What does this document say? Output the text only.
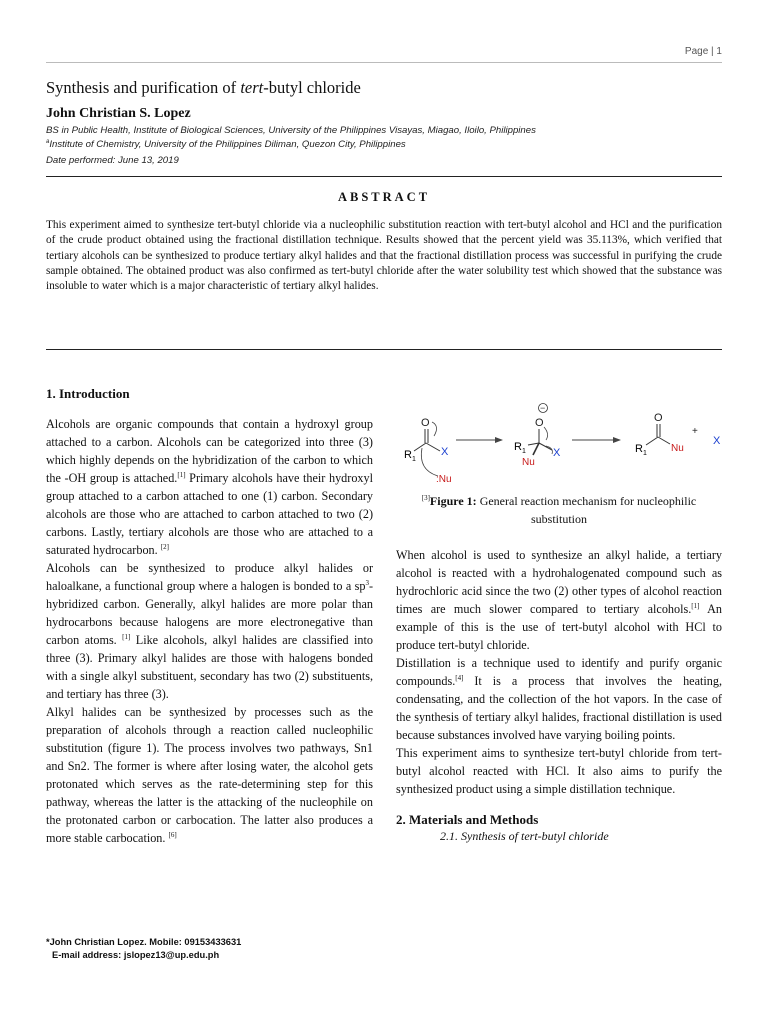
Page | 1
Synthesis and purification of tert-butyl chloride
John Christian S. Lopez
BS in Public Health, Institute of Biological Sciences, University of the Philippines Visayas, Miagao, Iloilo, Philippines
$^a$Institute of Chemistry, University of the Philippines Diliman, Quezon City, Philippines
Date performed: June 13, 2019
ABSTRACT

This experiment aimed to synthesize tert-butyl chloride via a nucleophilic substitution reaction with tert-butyl alcohol and HCl and the purification of the crude product obtained using the fractional distillation technique. Results showed that the percent yield was 35.113%, which verified that tertiary alcohols can be synthesized to produce tertiary alkyl halides and that the fractional distillation process was successful in purifying the crude sample obtained. The obtained product was also confirmed as tert-butyl chloride after the water solubility test which showed that the substance was insoluble to water which is a major characteristic of tertiary alkyl halides.

1. Introduction

Alcohols are organic compounds that contain a hydroxyl group attached to a carbon. Alcohols can be categorized into three (3) which highly depends on the hybridization of the carbon to which the -OH group is attached.[1] Primary alcohols have their hydroxyl group attached to a carbon attached to one (1) carbon. Secondary alcohols are those who are attached to carbon attached to two (2) carbons. Lastly, tertiary alcohols are those who are attached to a saturated hydrocarbon. [2]

Alcohols can be synthesized to produce alkyl halides or haloalkane, a functional group where a halogen is bonded to a sp$^3$-hybridized carbon. Generally, alkyl halides are more polar than hydrocarbons because halogens are more electronegative than carbon atoms. [1] Like alcohols, alkyl halides are classified into three (3). Primary alkyl halides are those with halogens bonded with a single alkyl substituent, secondary has two (2) substituents, and tertiary has three (3).

Alkyl halides can be synthesized by processes such as the preparation of alcohols through a reaction called nucleophilic substitution (figure 1). The process involves two pathways, Sn1 and Sn2. The former is where after losing water, the alcohol gets protonated which serves as the rate-determining step for this pathway, whereas the latter is the attacking of the nucleophile on the protonated carbon or carbocation. The latter also produces a more stable carbocation. [6]

$R_1$
O
X
:Nu
−
O
$R_1$ X
Nu
$R_1$
O
Nu
+
X
[3]Figure 1: General reaction mechanism for nucleophilic substitution

When alcohol is used to synthesize an alkyl halide, a tertiary alcohol is reacted with a hydrohalogenated compound such as hydrochloric acid since the two (2) other types of alcohol reaction times are much slower compared to tertiary alcohols.[1] An example of this is the use of tert-butyl alcohol with HCl to produce tert-butyl chloride.

Distillation is a technique used to identify and purify organic compounds.[4] It is a process that involves the heating, condensating, and the collection of the hot vapors. In the case of the synthesis of tertiary alkyl halides, fractional distillation is used because substances involved have varying boiling points.

This experiment aims to synthesize tert-butyl chloride from tert-butyl alcohol reacted with HCl. It also aims to purify the synthesized product using a simple distillation technique.

2. Materials and Methods
2.1. Synthesis of tert-butyl chloride
*John Christian Lopez. Mobile: 09153433631
E-mail address: jslopez13@up.edu.ph
